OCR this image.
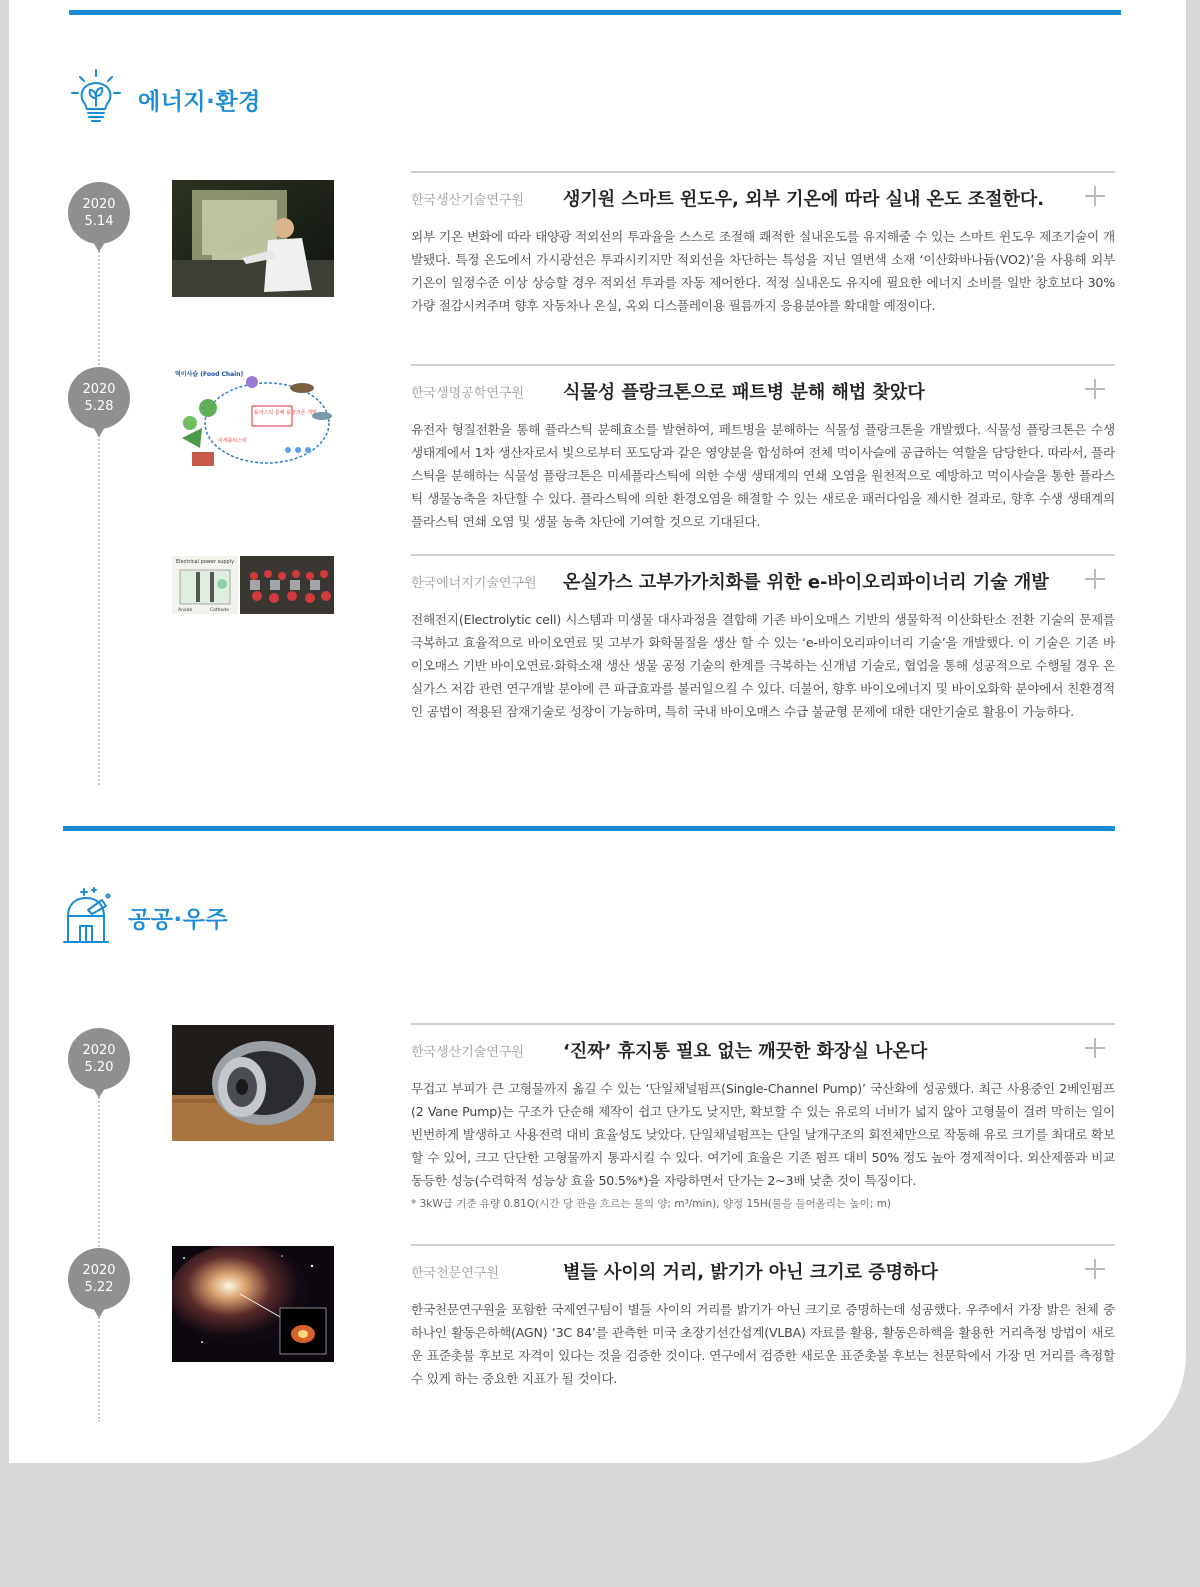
에너지·환경
2020
5.14
한국생산기술연구원	생기원 스마트 윈도우, 외부 기온에 따라 실내 온도 조절한다.
외부 기온 변화에 따라 태양광 적외선의 투과율을 스스로 조절해 쾌적한 실내온도를 유지해줄 수 있는 스마트 윈도우 제조기술이 개발됐다. 특정 온도에서 가시광선은 투과시키지만 적외선을 차단하는 특성을 지닌 열변색 소재 ‘이산화바나듐(VO2)’을 사용해 외부 기온이 일정수준 이상 상승할 경우 적외선 투과를 자동 제어한다. 적정 실내온도 유지에 필요한 에너지 소비를 일반 창호보다 30% 가량 절감시켜주며 향후 자동차나 온실, 옥외 디스플레이용 필름까지 응용분야를 확대할 예정이다.
2020
5.28
먹이사슬 (Food Chain)
플라스틱 분해 플랑크톤 개발
미세플라스틱
한국생명공학연구원	식물성 플랑크톤으로 패트병 분해 해법 찾았다
유전자 형질전환을 통해 플라스틱 분해효소를 발현하여, 페트병을 분해하는 식물성 플랑크톤을 개발했다. 식물성 플랑크톤은 수생 생태계에서 1차 생산자로서 빛으로부터 포도당과 같은 영양분을 합성하여 전체 먹이사슬에 공급하는 역할을 담당한다. 따라서, 플라스틱을 분해하는 식물성 플랑크톤은 미세플라스틱에 의한 수생 생태계의 연쇄 오염을 원천적으로 예방하고 먹이사슬을 통한 플라스틱 생물농축을 차단할 수 있다. 플라스틱에 의한 환경오염을 해결할 수 있는 새로운 패러다임을 제시한 결과로, 향후 수생 생태계의 플라스틱 연쇄 오염 및 생물 농축 차단에 기여할 것으로 기대된다.
Electrical power supply
Anode	Cathode
한국에너지기술연구원	온실가스 고부가가치화를 위한 e-바이오리파이너리 기술 개발
전해전지(Electrolytic cell) 시스템과 미생물 대사과정을 결합해 기존 바이오매스 기반의 생물학적 이산화탄소 전환 기술의 문제를 극복하고 효율적으로 바이오연료 및 고부가 화학물질을 생산 할 수 있는 ‘e-바이오리파이너리 기술’을 개발했다. 이 기술은 기존 바이오매스 기반 바이오연료·화학소재 생산 생물 공정 기술의 한계를 극복하는 신개념 기술로, 협업을 통해 성공적으로 수행될 경우 온실가스 저감 관련 연구개발 분야에 큰 파급효과를 불러일으킬 수 있다. 더불어, 향후 바이오에너지 및 바이오화학 분야에서 친환경적인 공법이 적용된 잠재기술로 성장이 가능하며, 특히 국내 바이오매스 수급 불균형 문제에 대한 대안기술로 활용이 가능하다.
공공·우주
2020
5.20
한국생산기술연구원	‘진짜’ 휴지통 필요 없는 깨끗한 화장실 나온다
무겁고 부피가 큰 고형물까지 옮길 수 있는 ‘단일채널펌프(Single-Channel Pump)’ 국산화에 성공했다. 최근 사용중인 2베인펌프(2 Vane Pump)는 구조가 단순해 제작이 쉽고 단가도 낮지만, 확보할 수 있는 유로의 너비가 넓지 않아 고형물이 걸려 막히는 일이 빈번하게 발생하고 사용전력 대비 효율성도 낮았다. 단일채널펌프는 단일 날개구조의 회전체만으로 작동해 유로 크기를 최대로 확보할 수 있어, 크고 단단한 고형물까지 통과시킬 수 있다. 여기에 효율은 기존 펌프 대비 50% 정도 높아 경제적이다. 외산제품과 비교 동등한 성능(수력학적 성능상 효율 50.5%*)을 자랑하면서 단가는 2~3배 낮춘 것이 특징이다.
* 3kW급 기준 유량 0.81Q(시간 당 관을 흐르는 물의 양; m³/min), 양정 15H(물을 들어올리는 높이; m)
2020
5.22
한국천문연구원	별들 사이의 거리, 밝기가 아닌 크기로 증명하다
한국천문연구원을 포함한 국제연구팀이 별들 사이의 거리를 밝기가 아닌 크기로 증명하는데 성공했다. 우주에서 가장 밝은 천체 중 하나인 활동은하핵(AGN) ‘3C 84’를 관측한 미국 초장기선간섭계(VLBA) 자료를 활용, 활동은하핵을 활용한 거리측정 방법이 새로운 표준촛불 후보로 자격이 있다는 것을 검증한 것이다. 연구에서 검증한 새로운 표준촛불 후보는 천문학에서 가장 먼 거리를 측정할 수 있게 하는 중요한 지표가 될 것이다.
